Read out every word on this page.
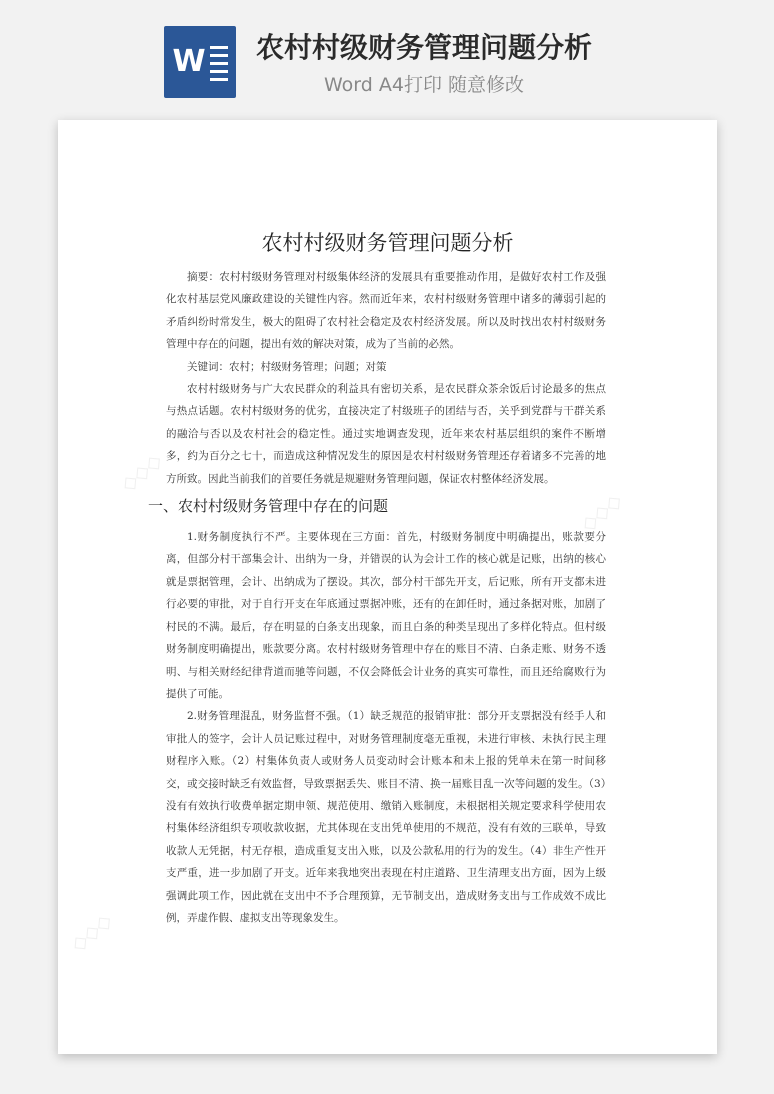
W 农村村级财务管理问题分析
Word A4打印 随意修改
◇◇◇
◇◇◇
◇◇◇
农村村级财务管理问题分析

摘要：农村村级财务管理对村级集体经济的发展具有重要推动作用，是做好农村工作及强化农村基层党风廉政建设的关键性内容。然而近年来，农村村级财务管理中诸多的薄弱引起的矛盾纠纷时常发生，极大的阻碍了农村社会稳定及农村经济发展。所以及时找出农村村级财务管理中存在的问题，提出有效的解决对策，成为了当前的必然。

关键词：农村；村级财务管理；问题；对策

农村村级财务与广大农民群众的利益具有密切关系，是农民群众茶余饭后讨论最多的焦点与热点话题。农村村级财务的优劣，直接决定了村级班子的团结与否，关乎到党群与干群关系的融洽与否以及农村社会的稳定性。通过实地调查发现，近年来农村基层组织的案件不断增多，约为百分之七十，而造成这种情况发生的原因是农村村级财务管理还存着诸多不完善的地方所致。因此当前我们的首要任务就是规避财务管理问题，保证农村整体经济发展。

一、农村村级财务管理中存在的问题

1.财务制度执行不严。主要体现在三方面：首先，村级财务制度中明确提出，账款要分离，但部分村干部集会计、出纳为一身，并错误的认为会计工作的核心就是记账，出纳的核心就是票据管理，会计、出纳成为了摆设。其次，部分村干部先开支，后记账，所有开支都未进行必要的审批，对于自行开支在年底通过票据冲账，还有的在卸任时，通过条据对账，加剧了村民的不满。最后，存在明显的白条支出现象，而且白条的种类呈现出了多样化特点。但村级财务制度明确提出，账款要分离。农村村级财务管理中存在的账目不清、白条走账、财务不透明、与相关财经纪律背道而驰等问题，不仅会降低会计业务的真实可靠性，而且还给腐败行为提供了可能。

2.财务管理混乱，财务监督不强。（1）缺乏规范的报销审批：部分开支票据没有经手人和审批人的签字，会计人员记账过程中，对财务管理制度毫无重视，未进行审核、未执行民主理财程序入账。（2）村集体负责人或财务人员变动时会计账本和未上报的凭单未在第一时间移交，或交接时缺乏有效监督，导致票据丢失、账目不清、换一届账目乱一次等问题的发生。（3）没有有效执行收费单据定期申领、规范使用、缴销入账制度，未根据相关规定要求科学使用农村集体经济组织专项收款收据，尤其体现在支出凭单使用的不规范，没有有效的三联单，导致收款人无凭据，村无存根，造成重复支出入账，以及公款私用的行为的发生。（4）非生产性开支严重，进一步加剧了开支。近年来我地突出表现在村庄道路、卫生清理支出方面，因为上级强调此项工作，因此就在支出中不予合理预算，无节制支出，造成财务支出与工作成效不成比例，弄虚作假、虚拟支出等现象发生。
